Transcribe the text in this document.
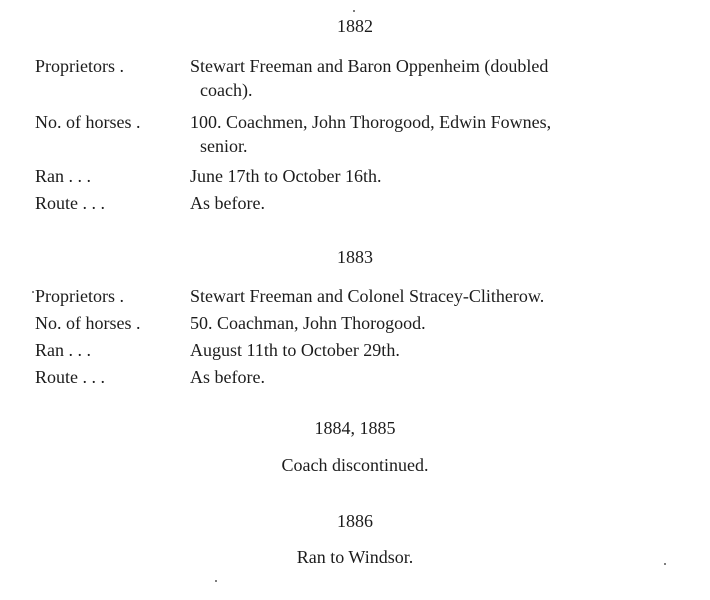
1882
Proprietors .	Stewart Freeman and Baron Oppenheim (doubled
coach).
No. of horses .	100. Coachmen, John Thorogood, Edwin Fownes,
senior.
Ran . . .	June 17th to October 16th.
Route . . .	As before.
1883
Proprietors .	Stewart Freeman and Colonel Stracey-Clitherow.
No. of horses .	50. Coachman, John Thorogood.
Ran . . .	August 11th to October 29th.
Route . . .	As before.
1884, 1885
Coach discontinued.
1886
Ran to Windsor.
